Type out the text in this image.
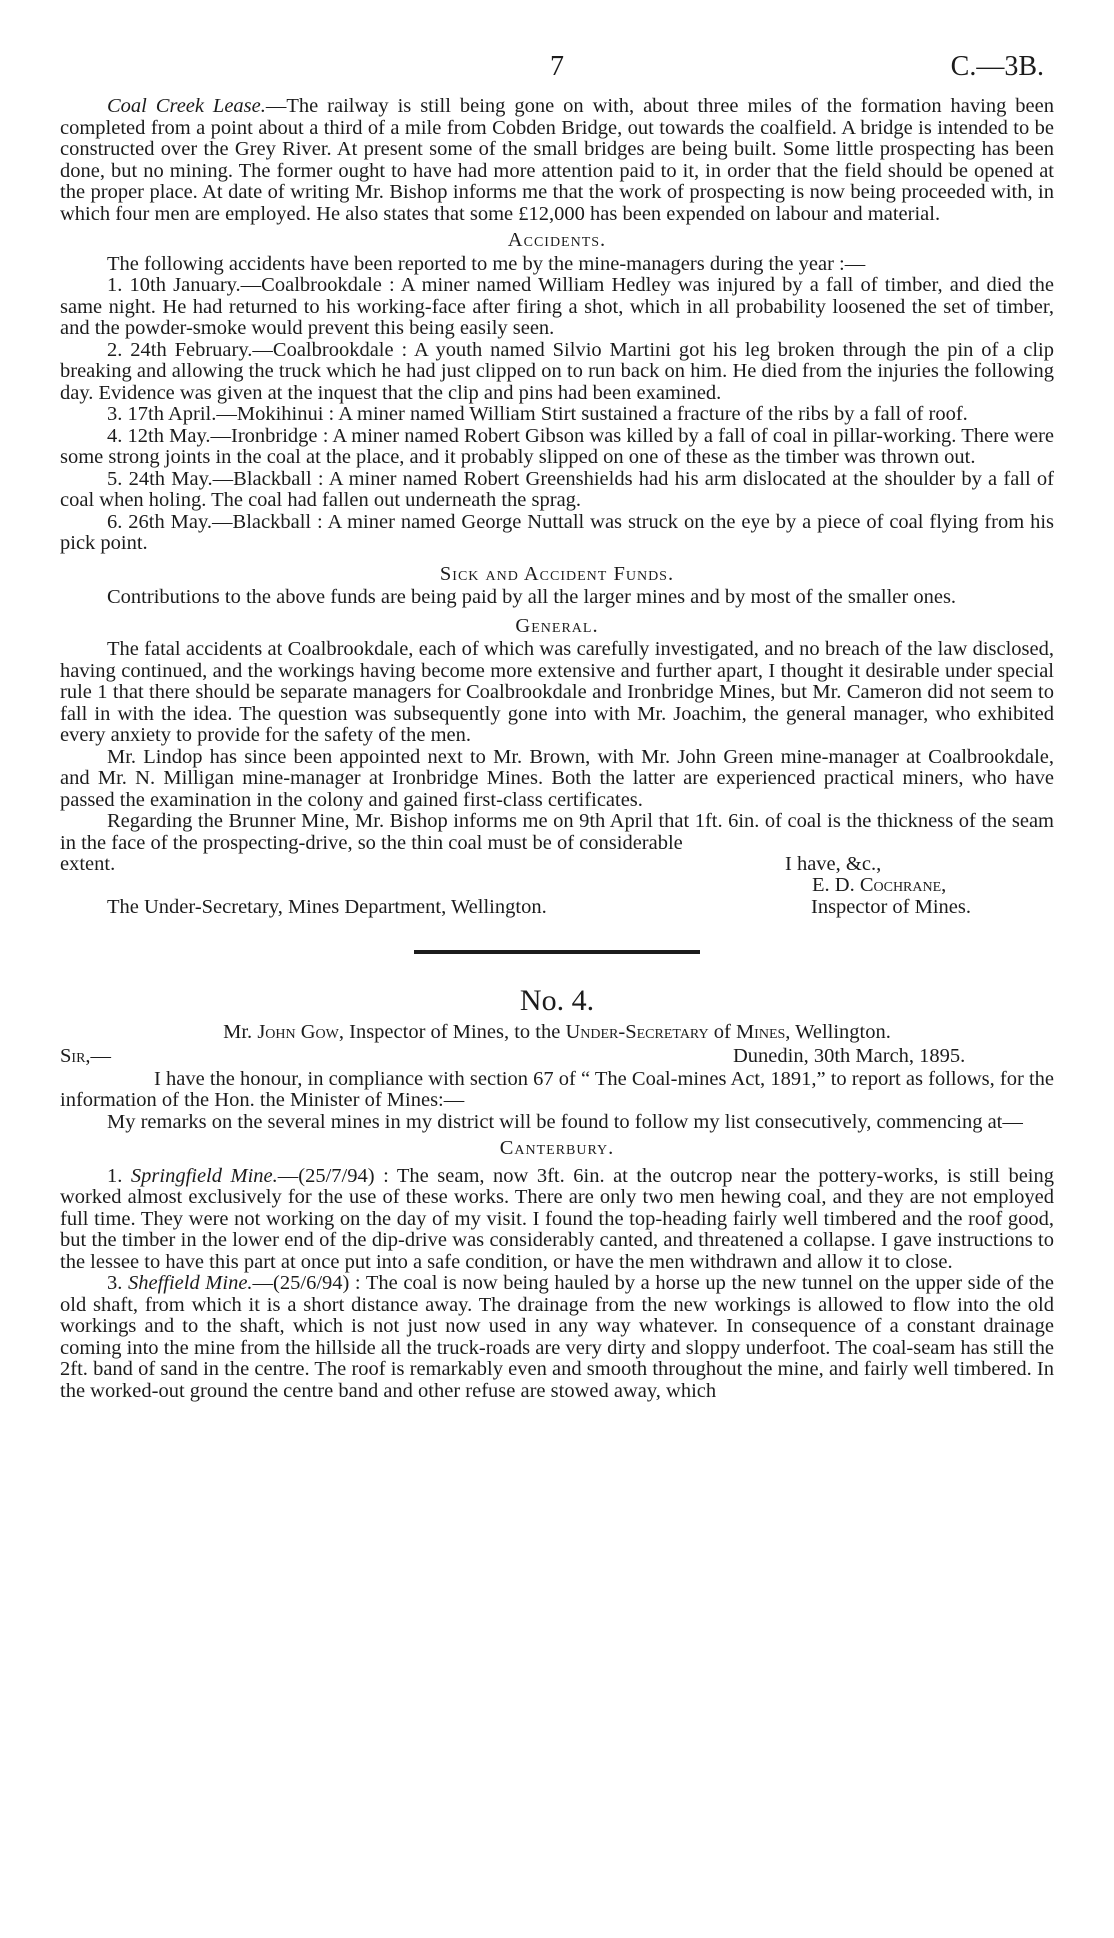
7	C.—3B.

Coal Creek Lease.—The railway is still being gone on with, about three miles of the formation having been completed from a point about a third of a mile from Cobden Bridge, out towards the coalfield. A bridge is intended to be constructed over the Grey River. At present some of the small bridges are being built. Some little prospecting has been done, but no mining. The former ought to have had more attention paid to it, in order that the field should be opened at the proper place. At date of writing Mr. Bishop informs me that the work of prospecting is now being proceeded with, in which four men are employed. He also states that some £12,000 has been expended on labour and material.

Accidents.

The following accidents have been reported to me by the mine-managers during the year :—

1. 10th January.—Coalbrookdale : A miner named William Hedley was injured by a fall of timber, and died the same night. He had returned to his working-face after firing a shot, which in all probability loosened the set of timber, and the powder-smoke would prevent this being easily seen.

2. 24th February.—Coalbrookdale : A youth named Silvio Martini got his leg broken through the pin of a clip breaking and allowing the truck which he had just clipped on to run back on him. He died from the injuries the following day. Evidence was given at the inquest that the clip and pins had been examined.

3. 17th April.—Mokihinui : A miner named William Stirt sustained a fracture of the ribs by a fall of roof.

4. 12th May.—Ironbridge : A miner named Robert Gibson was killed by a fall of coal in pillar-working. There were some strong joints in the coal at the place, and it probably slipped on one of these as the timber was thrown out.

5. 24th May.—Blackball : A miner named Robert Greenshields had his arm dislocated at the shoulder by a fall of coal when holing. The coal had fallen out underneath the sprag.

6. 26th May.—Blackball : A miner named George Nuttall was struck on the eye by a piece of coal flying from his pick point.

Sick and Accident Funds.

Contributions to the above funds are being paid by all the larger mines and by most of the smaller ones.

General.

The fatal accidents at Coalbrookdale, each of which was carefully investigated, and no breach of the law disclosed, having continued, and the workings having become more extensive and further apart, I thought it desirable under special rule 1 that there should be separate managers for Coalbrookdale and Ironbridge Mines, but Mr. Cameron did not seem to fall in with the idea. The question was subsequently gone into with Mr. Joachim, the general manager, who exhibited every anxiety to provide for the safety of the men.

Mr. Lindop has since been appointed next to Mr. Brown, with Mr. John Green mine-manager at Coalbrookdale, and Mr. N. Milligan mine-manager at Ironbridge Mines. Both the latter are experienced practical miners, who have passed the examination in the colony and gained first-class certificates.

Regarding the Brunner Mine, Mr. Bishop informs me on 9th April that 1ft. 6in. of coal is the thickness of the seam in the face of the prospecting-drive, so the thin coal must be of considerable

extent.	I have, &c.,
E. D. Cochrane,
The Under-Secretary, Mines Department, Wellington.	Inspector of Mines.

No. 4.

Mr. John Gow, Inspector of Mines, to the Under-Secretary of Mines, Wellington.

Sir,—	Dunedin, 30th March, 1895.

I have the honour, in compliance with section 67 of “ The Coal-mines Act, 1891,” to report as follows, for the information of the Hon. the Minister of Mines:—

My remarks on the several mines in my district will be found to follow my list consecutively, commencing at—

Canterbury.

1. Springfield Mine.—(25/7/94) : The seam, now 3ft. 6in. at the outcrop near the pottery-works, is still being worked almost exclusively for the use of these works. There are only two men hewing coal, and they are not employed full time. They were not working on the day of my visit. I found the top-heading fairly well timbered and the roof good, but the timber in the lower end of the dip-drive was considerably canted, and threatened a collapse. I gave instructions to the lessee to have this part at once put into a safe condition, or have the men withdrawn and allow it to close.

3. Sheffield Mine.—(25/6/94) : The coal is now being hauled by a horse up the new tunnel on the upper side of the old shaft, from which it is a short distance away. The drainage from the new workings is allowed to flow into the old workings and to the shaft, which is not just now used in any way whatever. In consequence of a constant drainage coming into the mine from the hillside all the truck-roads are very dirty and sloppy underfoot. The coal-seam has still the 2ft. band of sand in the centre. The roof is remarkably even and smooth throughout the mine, and fairly well timbered. In the worked-out ground the centre band and other refuse are stowed away, which
